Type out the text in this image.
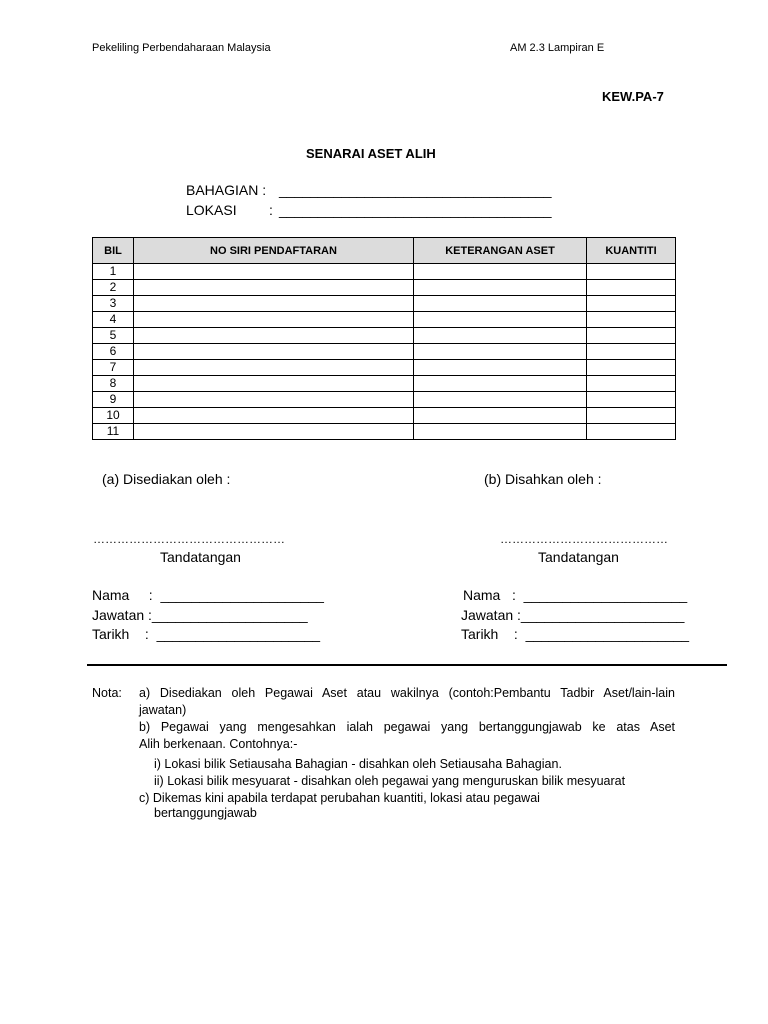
Pekeliling Perbendaharaan Malaysia	AM 2.3 Lampiran E
KEW.PA-7
SENARAI ASET ALIH
BAHAGIAN : ___________________________________
LOKASI : ___________________________________
BIL	NO SIRI PENDAFTARAN	KETERANGAN ASET	KUANTITI
1			
2			
3			
4			
5			
6			
7			
8			
9			
10			
11			
(a) Disediakan oleh :	(b) Disahkan oleh :
…………………………………………	……………………………………
Tandatangan	Tandatangan
Nama     :  _____________________
Jawatan :____________________
Tarikh    :  _____________________
Nama   :  _____________________
Jawatan :_____________________
Tarikh    :  _____________________
Nota: a) Disediakan oleh Pegawai Aset atau wakilnya (contoh:Pembantu Tadbir Aset/lain-lain
jawatan)
b) Pegawai yang mengesahkan ialah pegawai yang bertanggungjawab ke atas Aset
Alih berkenaan. Contohnya:-
i) Lokasi bilik Setiausaha Bahagian - disahkan oleh Setiausaha Bahagian.
ii) Lokasi bilik mesyuarat - disahkan oleh pegawai yang menguruskan bilik mesyuarat
c) Dikemas kini apabila terdapat perubahan kuantiti, lokasi atau pegawai
bertanggungjawab
